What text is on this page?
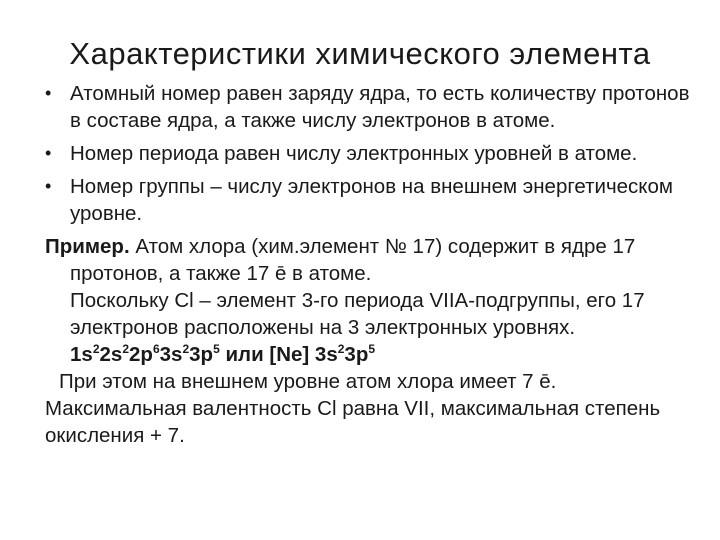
Характеристики химического элемента
• Атомный номер равен заряду ядра, то есть количеству протонов в составе ядра, а также числу электронов в атоме.
• Номер периода равен числу электронных уровней в атоме.
• Номер группы – числу электронов на внешнем энергетическом уровне.
Пример. Атом хлора (хим.элемент № 17) содержит в ядре 17 протонов, а также 17 ē в атоме.
Поскольку Cl – элемент 3-го периода VIIA-подгруппы, его 17 электронов расположены на 3 электронных уровнях.
$1s^22s^22p^63s^23p^5$ или [Ne] $3s^23p^5$
При этом на внешнем уровне атом хлора имеет 7 ē.
Максимальная валентность Cl равна VII, максимальная степень окисления + 7.
